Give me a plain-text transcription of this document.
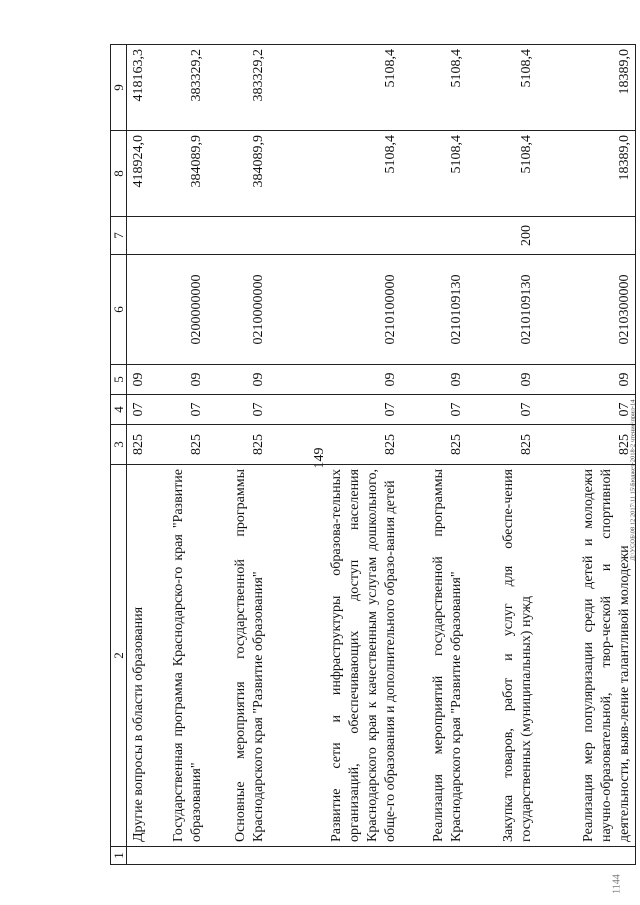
149	Д:\УСОБ\08 12 2017\11 15\Бюджет-2018-2 чтение\прил-14
1144
1	2	3	4	5	6	7	8	9
	Другие вопросы в области образования	825	07	09			418924,0	418163,3
	Государственная программа Краснодарско-го края "Развитие образования"	825	07	09	0200000000		384089,9	383329,2
	Основные мероприятия государственной программы Краснодарского края "Развитие образования"	825	07	09	0210000000		384089,9	383329,2
	Развитие сети и инфраструктуры образова-тельных организаций, обеспечивающих доступ населения Краснодарского края к качественным услугам дошкольного, обще-го образования и дополнительного образо-вания детей	825	07	09	0210100000		5108,4	5108,4
	Реализация мероприятий государственной программы Краснодарского края "Развитие образования"	825	07	09	0210109130		5108,4	5108,4
	Закупка товаров, работ и услуг для обеспе-чения государственных (муниципальных) нужд	825	07	09	0210109130	200	5108,4	5108,4
	Реализация мер популяризации среди детей и молодежи научно-образовательной, твор-ческой и спортивной деятельности, выяв-ление талантливой молодежи	825	07	09	0210300000		18389,0	18389,0
